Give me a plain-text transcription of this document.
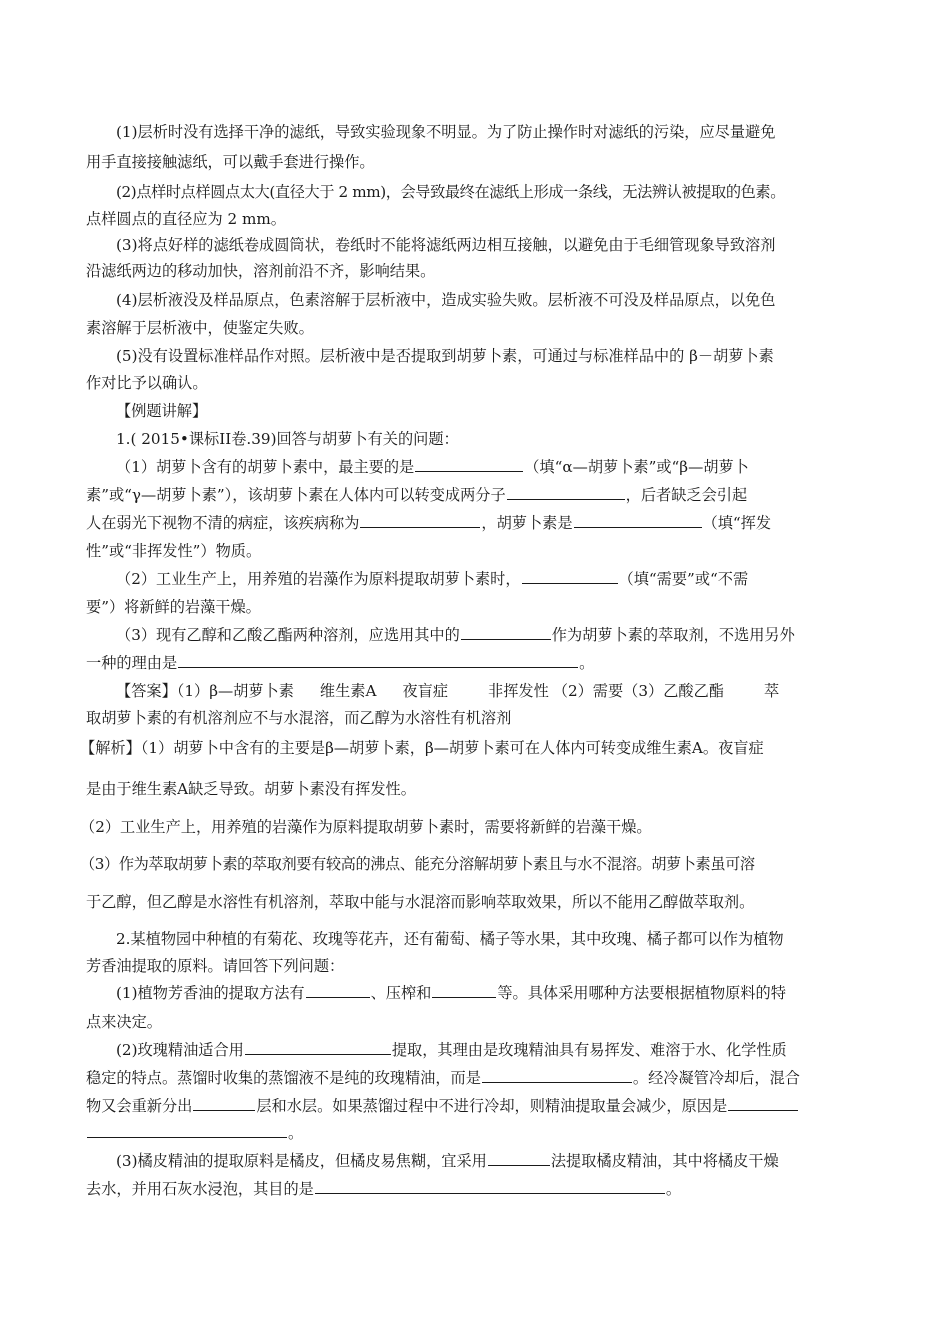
(1)层析时没有选择干净的滤纸，导致实验现象不明显。为了防止操作时对滤纸的污染，应尽量避免
用手直接接触滤纸，可以戴手套进行操作。
(2)点样时点样圆点太大(直径大于 2 mm)，会导致最终在滤纸上形成一条线，无法辨认被提取的色素。
点样圆点的直径应为 2 mm。
(3)将点好样的滤纸卷成圆筒状，卷纸时不能将滤纸两边相互接触，以避免由于毛细管现象导致溶剂
沿滤纸两边的移动加快，溶剂前沿不齐，影响结果。
(4)层析液没及样品原点，色素溶解于层析液中，造成实验失败。层析液不可没及样品原点，以免色
素溶解于层析液中，使鉴定失败。
(5)没有设置标准样品作对照。层析液中是否提取到胡萝卜素，可通过与标准样品中的 β－胡萝卜素
作对比予以确认。
【例题讲解】
1.( 2015•课标II卷.39)回答与胡萝卜有关的问题：
（1）胡萝卜含有的胡萝卜素中，最主要的是	（填“α—胡萝卜素”或“β—胡萝卜
素”或“γ—胡萝卜素”），该胡萝卜素在人体内可以转变成两分子	，后者缺乏会引起
人在弱光下视物不清的病症，该疾病称为	，胡萝卜素是	（填“挥发
性”或“非挥发性”）物质。
（2）工业生产上，用养殖的岩藻作为原料提取胡萝卜素时，	（填“需要”或“不需
要”）将新鲜的岩藻干燥。
（3）现有乙醇和乙酸乙酯两种溶剂，应选用其中的	作为胡萝卜素的萃取剂，不选用另外
一种的理由是	。
【答案】（1）β—胡萝卜素 维生素A 夜盲症	非挥发性 （2）需要（3）乙酸乙酯	萃
取胡萝卜素的有机溶剂应不与水混溶，而乙醇为水溶性有机溶剂
【解析】（1）胡萝卜中含有的主要是β—胡萝卜素，β—胡萝卜素可在人体内可转变成维生素A。夜盲症
是由于维生素A缺乏导致。胡萝卜素没有挥发性。
（2）工业生产上，用养殖的岩藻作为原料提取胡萝卜素时，需要将新鲜的岩藻干燥。
（3）作为萃取胡萝卜素的萃取剂要有较高的沸点、能充分溶解胡萝卜素且与水不混溶。胡萝卜素虽可溶
于乙醇，但乙醇是水溶性有机溶剂，萃取中能与水混溶而影响萃取效果，所以不能用乙醇做萃取剂。
2.某植物园中种植的有菊花、玫瑰等花卉，还有葡萄、橘子等水果，其中玫瑰、橘子都可以作为植物
芳香油提取的原料。请回答下列问题：
(1)植物芳香油的提取方法有	、压榨和	等。具体采用哪种方法要根据植物原料的特
点来决定。
(2)玫瑰精油适合用	提取，其理由是玫瑰精油具有易挥发、难溶于水、化学性质
稳定的特点。蒸馏时收集的蒸馏液不是纯的玫瑰精油，而是	。经冷凝管冷却后，混合
物又会重新分出	层和水层。如果蒸馏过程中不进行冷却，则精油提取量会减少，原因是
。
(3)橘皮精油的提取原料是橘皮，但橘皮易焦糊，宜采用	法提取橘皮精油，其中将橘皮干燥
去水，并用石灰水浸泡，其目的是	。
